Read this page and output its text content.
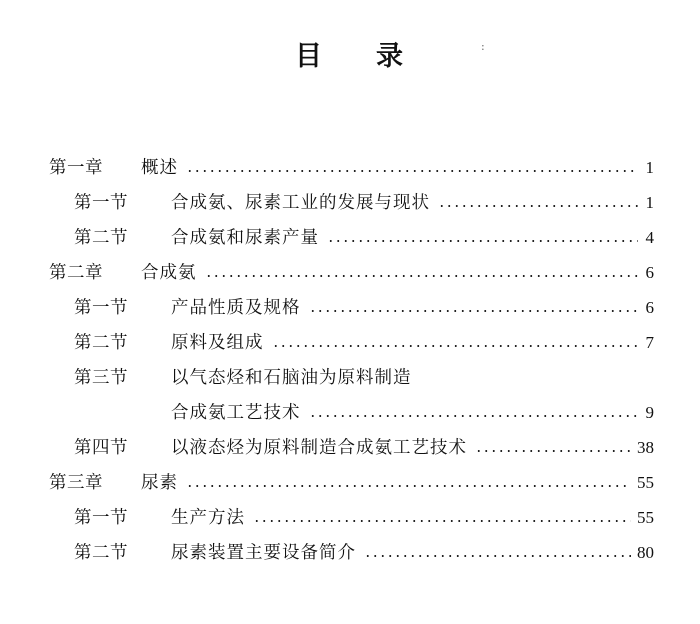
目 录	:
第一章	概述	1
第一节	合成氨、尿素工业的发展与现状	1
第二节	合成氨和尿素产量	4
第二章	合成氨	6
第一节	产品性质及规格	6
第二节	原料及组成	7
第三节	以气态烃和石脑油为原料制造
合成氨工艺技术	9
第四节	以液态烃为原料制造合成氨工艺技术	38
第三章	尿素	55
第一节	生产方法	55
第二节	尿素装置主要设备简介	80
